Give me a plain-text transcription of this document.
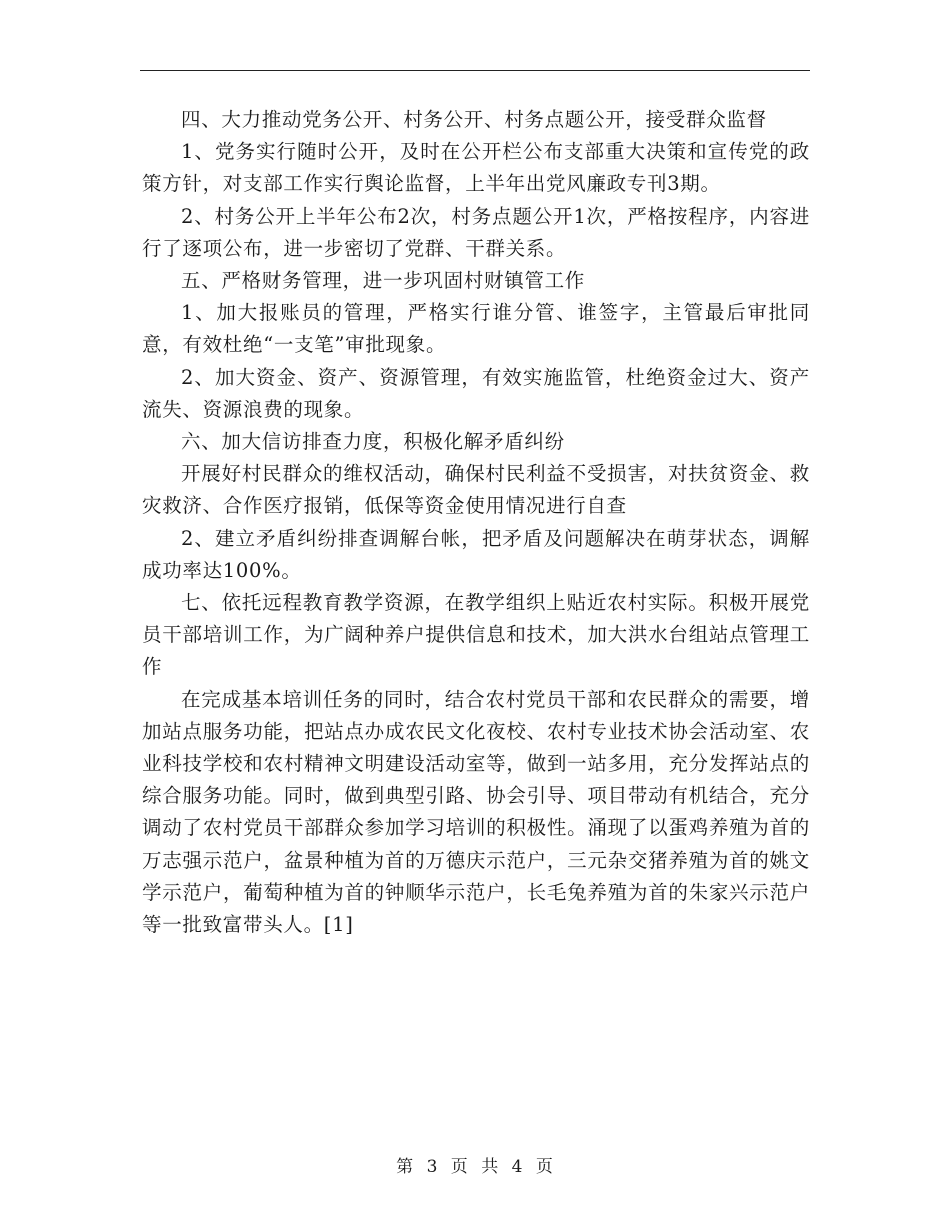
四、大力推动党务公开、村务公开、村务点题公开，接受群众监督

1、党务实行随时公开，及时在公开栏公布支部重大决策和宣传党的政策方针，对支部工作实行舆论监督，上半年出党风廉政专刊3期。

2、村务公开上半年公布2次，村务点题公开1次，严格按程序，内容进行了逐项公布，进一步密切了党群、干群关系。

五、严格财务管理，进一步巩固村财镇管工作

1、加大报账员的管理，严格实行谁分管、谁签字，主管最后审批同意，有效杜绝“一支笔”审批现象。

2、加大资金、资产、资源管理，有效实施监管，杜绝资金过大、资产流失、资源浪费的现象。

六、加大信访排查力度，积极化解矛盾纠纷

开展好村民群众的维权活动，确保村民利益不受损害，对扶贫资金、救灾救济、合作医疗报销，低保等资金使用情况进行自查

2、建立矛盾纠纷排查调解台帐，把矛盾及问题解决在萌芽状态，调解成功率达100%。

七、依托远程教育教学资源，在教学组织上贴近农村实际。积极开展党员干部培训工作，为广阔种养户提供信息和技术，加大洪水台组站点管理工作

在完成基本培训任务的同时，结合农村党员干部和农民群众的需要，增加站点服务功能，把站点办成农民文化夜校、农村专业技术协会活动室、农业科技学校和农村精神文明建设活动室等，做到一站多用，充分发挥站点的综合服务功能。同时，做到典型引路、协会引导、项目带动有机结合，充分调动了农村党员干部群众参加学习培训的积极性。涌现了以蛋鸡养殖为首的万志强示范户，盆景种植为首的万德庆示范户，三元杂交猪养殖为首的姚文学示范户，葡萄种植为首的钟顺华示范户，长毛兔养殖为首的朱家兴示范户等一批致富带头人。[1]

第 3 页 共 4 页
